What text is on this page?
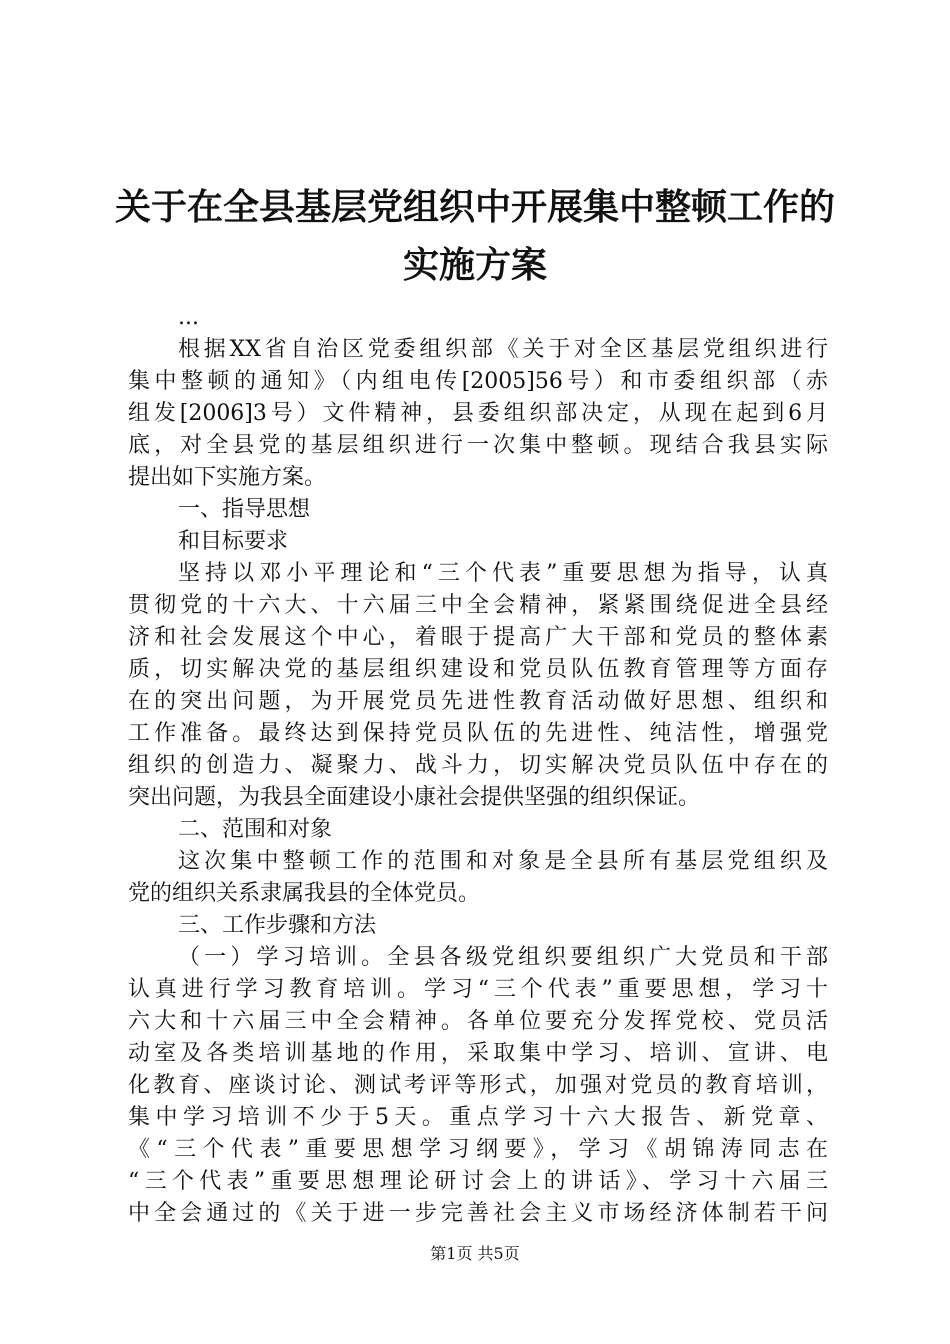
关于在全县基层党组织中开展集中整顿工作的
实施方案
...
根据XX省自治区党委组织部《关于对全区基层党组织进行
集中整顿的通知》（内组电传[2005]56号）和市委组织部（赤
组发[2006]3号）文件精神，县委组织部决定，从现在起到6月
底，对全县党的基层组织进行一次集中整顿。现结合我县实际
提出如下实施方案。
一、指导思想
和目标要求
坚持以邓小平理论和“三个代表”重要思想为指导，认真
贯彻党的十六大、十六届三中全会精神，紧紧围绕促进全县经
济和社会发展这个中心，着眼于提高广大干部和党员的整体素
质，切实解决党的基层组织建设和党员队伍教育管理等方面存
在的突出问题，为开展党员先进性教育活动做好思想、组织和
工作准备。最终达到保持党员队伍的先进性、纯洁性，增强党
组织的创造力、凝聚力、战斗力，切实解决党员队伍中存在的
突出问题，为我县全面建设小康社会提供坚强的组织保证。
二、范围和对象
这次集中整顿工作的范围和对象是全县所有基层党组织及
党的组织关系隶属我县的全体党员。
三、工作步骤和方法
（一）学习培训。全县各级党组织要组织广大党员和干部
认真进行学习教育培训。学习“三个代表”重要思想，学习十
六大和十六届三中全会精神。各单位要充分发挥党校、党员活
动室及各类培训基地的作用，采取集中学习、培训、宣讲、电
化教育、座谈讨论、测试考评等形式，加强对党员的教育培训，
集中学习培训不少于5天。重点学习十六大报告、新党章、
《“三个代表”重要思想学习纲要》，学习《胡锦涛同志在
“三个代表”重要思想理论研讨会上的讲话》、学习十六届三
中全会通过的《关于进一步完善社会主义市场经济体制若干问
第1页 共5页
